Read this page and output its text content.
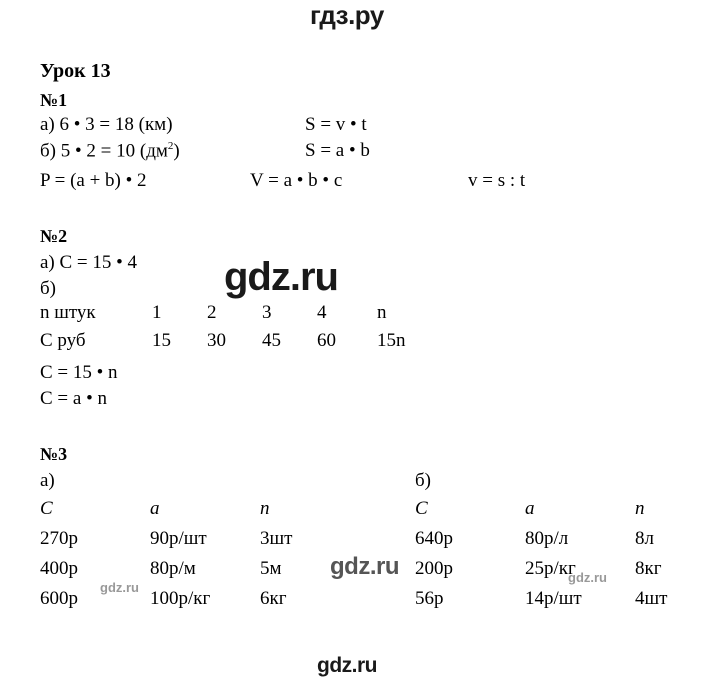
гдз.ру
Урок 13
№1
а) 6 • 3 = 18 (км)	S = v • t
б) 5 • 2 = 10 $(дм^2)$	S = a • b
P = (a + b) • 2	V = a • b • c	v = s : t
№2
а) С = 15 • 4
б)
n штук	1	2	3	4	n
С руб	15	30	45	60	15n
С = 15 • n
С = a • n
№3
а)	б)
С	а	n
270р	90р/шт	3шт
400р	80р/м	5м
600р	100р/кг	6кг
С	а	n
640р	80р/л	8л
200р	25р/кг	8кг
56р	14р/шт	4шт
gdz.ru
gdz.ru
gdz.ru
gdz.ru
gdz.ru
